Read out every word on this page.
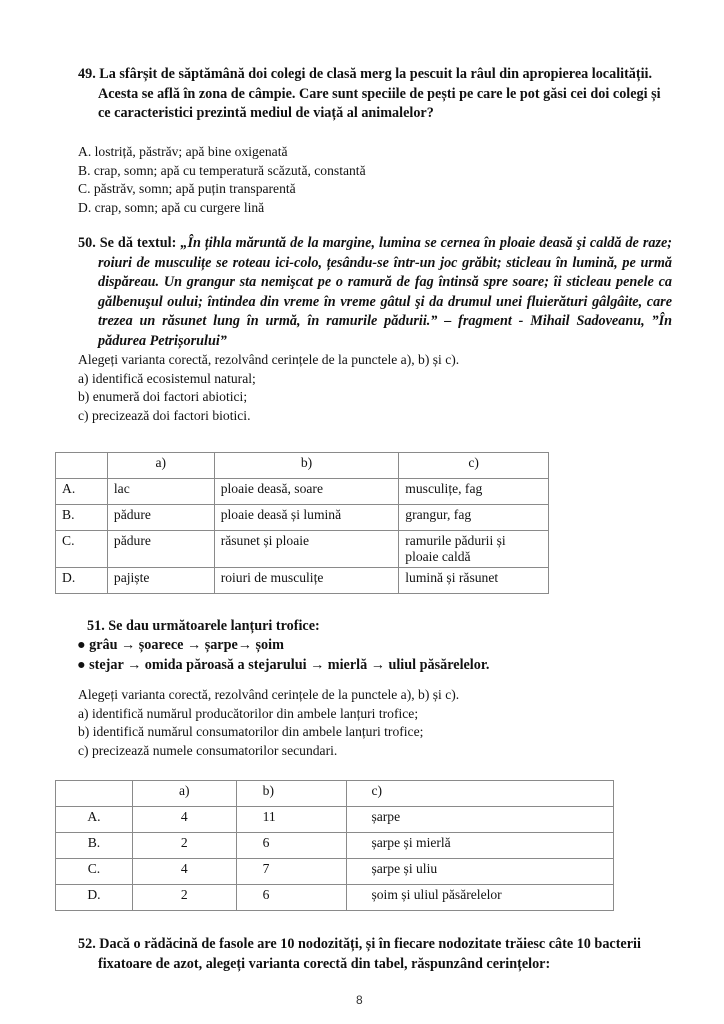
49. La sfârșit de săptămână doi colegi de clasă merg la pescuit la râul din apropierea localității. Acesta se află în zona de câmpie. Care sunt speciile de pești pe care le pot găsi cei doi colegi și ce caracteristici prezintă mediul de viață al animalelor?
A. lostriță, păstrăv; apă bine oxigenată
B. crap, somn; apă cu temperatură scăzută, constantă
C. păstrăv, somn; apă puțin transparentă
D. crap, somn; apă cu curgere lină
50. Se dă textul: „În țihla măruntă de la margine, lumina se cernea în ploaie deasă şi caldă de raze; roiuri de musculițe se roteau ici-colo, țesându-se într-un joc grăbit; sticleau în lumină, pe urmă dispăreau. Un grangur sta nemişcat pe o ramură de fag întinsă spre soare; îi sticleau penele ca gălbenuşul oului; întindea din vreme în vreme gâtul şi da drumul unei fluierături gâlgâite, care trezea un răsunet lung în urmă, în ramurile pădurii.” – fragment - Mihail Sadoveanu, ”În pădurea Petrișorului”
Alegeți varianta corectă, rezolvând cerințele de la punctele a), b) și c).
a) identifică ecosistemul natural;
b) enumeră doi factori abiotici;
c) precizează doi factori biotici.
	a)	b)	c)
A.	lac	ploaie deasă, soare	musculițe, fag
B.	pădure	ploaie deasă și lumină	grangur, fag
C.	pădure	răsunet și ploaie	ramurile pădurii și ploaie caldă
D.	pajiște	roiuri de musculițe	lumină și răsunet
51. Se dau următoarele lanțuri trofice:
● grâu → șoarece → șarpe→ șoim
● stejar → omida păroasă a stejarului → mierlă → uliul păsărelelor.
Alegeți varianta corectă, rezolvând cerințele de la punctele a), b) și c).
a) identifică numărul producătorilor din ambele lanțuri trofice;
b) identifică numărul consumatorilor din ambele lanțuri trofice;
c) precizează numele consumatorilor secundari.
	a)	b)	c)
A.	4	11	șarpe
B.	2	6	șarpe și mierlă
C.	4	7	șarpe și uliu
D.	2	6	șoim și uliul păsărelelor
52. Dacă o rădăcină de fasole are 10 nodozități, și în fiecare nodozitate trăiesc câte 10 bacterii fixatoare de azot, alegeți varianta corectă din tabel, răspunzând cerințelor:
8
